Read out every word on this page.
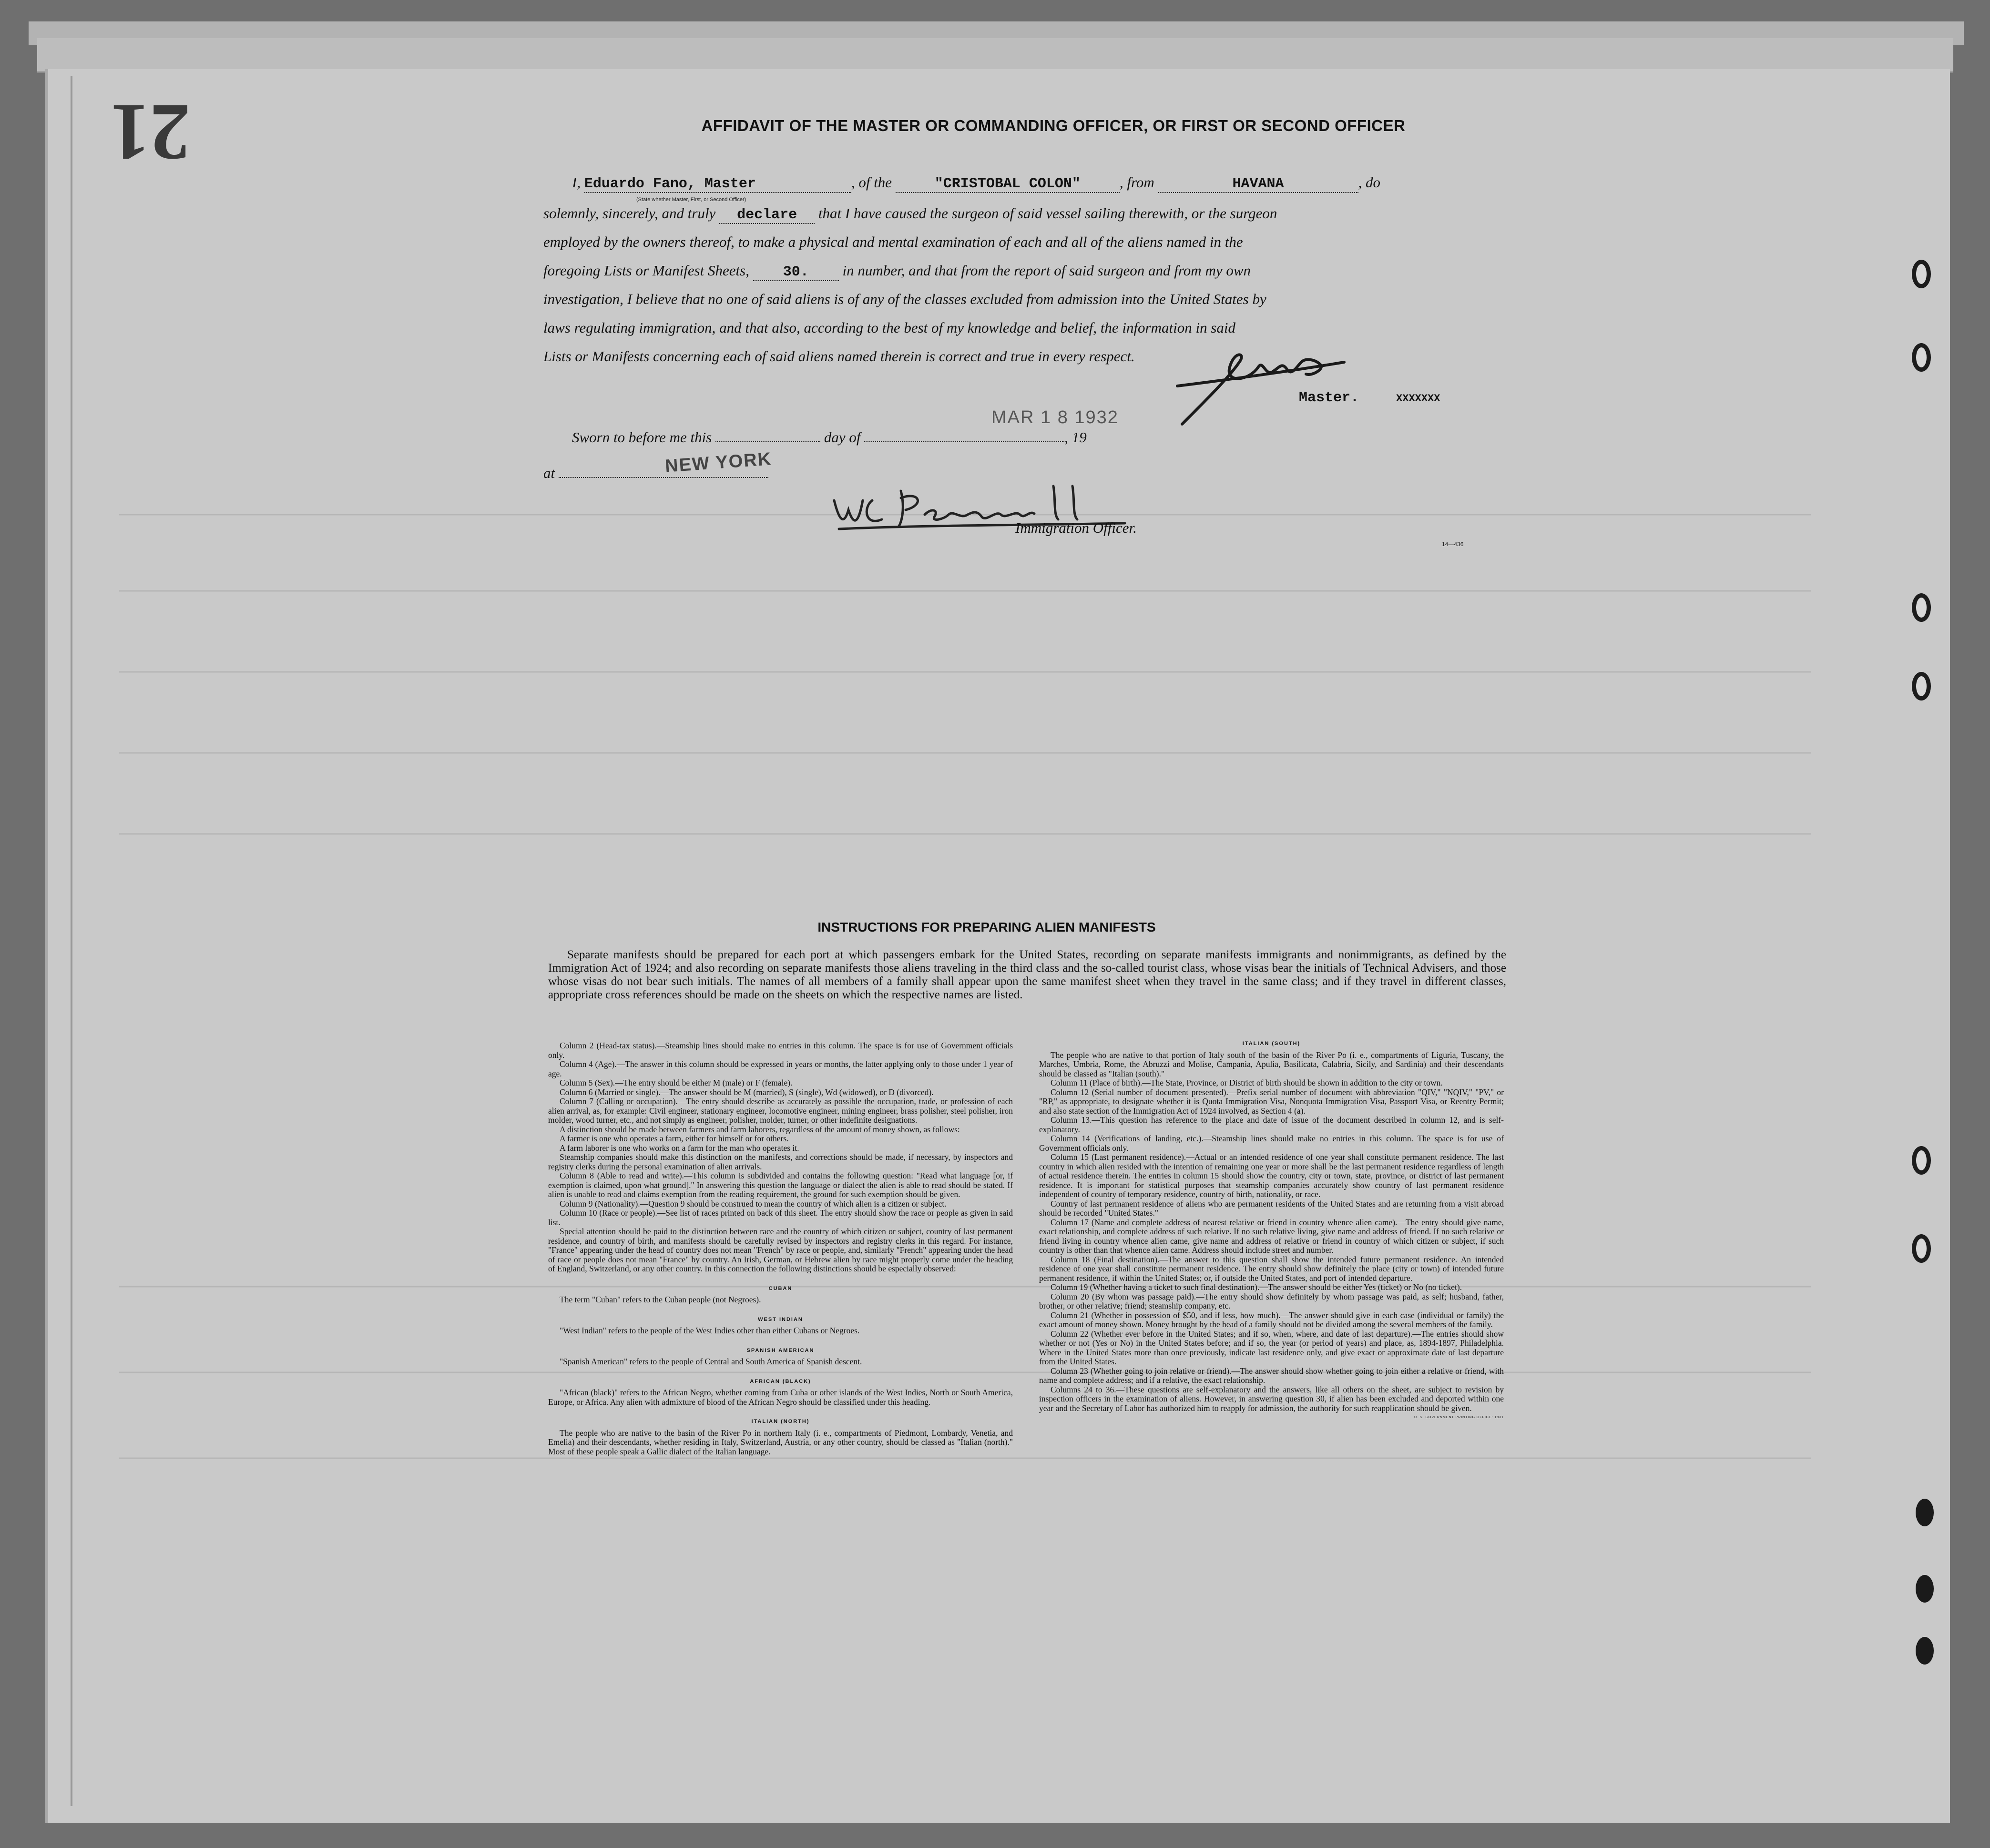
21	AFFIDAVIT OF THE MASTER OR COMMANDING OFFICER, OR FIRST OR SECOND OFFICER
I, Eduardo Fano, Master	, of the	"CRISTOBAL COLON"	, from	HAVANA	, do
(State whether Master, First, or Second Officer)
solemnly, sincerely, and truly declare that I have caused the surgeon of said vessel sailing therewith, or the surgeon
employed by the owners thereof, to make a physical and mental examination of each and all of the aliens named in the
foregoing Lists or Manifest Sheets, 30. in number, and that from the report of said surgeon and from my own
investigation, I believe that no one of said aliens is of any of the classes excluded from admission into the United States by
laws regulating immigration, and that also, according to the best of my knowledge and belief, the information in said
Lists or Manifests concerning each of said aliens named therein is correct and true in every respect.
Master.	XXXXXXX
MAR 1 8 1932
Sworn to before me this	day of	, 19
at	NEW YORK
Immigration Officer.
14—436
INSTRUCTIONS FOR PREPARING ALIEN MANIFESTS
Separate manifests should be prepared for each port at which passengers embark for the United States, recording on separate manifests immigrants and nonimmigrants, as defined by the Immigration Act of 1924; and also recording on separate manifests those aliens traveling in the third class and the so-called tourist class, whose visas bear the initials of Technical Advisers, and those whose visas do not bear such initials. The names of all members of a family shall appear upon the same manifest sheet when they travel in the same class; and if they travel in different classes, appropriate cross references should be made on the sheets on which the respective names are listed.

Column 2 (Head-tax status).—Steamship lines should make no entries in this column. The space is for use of Government officials only.

Column 4 (Age).—The answer in this column should be expressed in years or months, the latter applying only to those under 1 year of age.

Column 5 (Sex).—The entry should be either M (male) or F (female).

Column 6 (Married or single).—The answer should be M (married), S (single), Wd (widowed), or D (divorced).

Column 7 (Calling or occupation).—The entry should describe as accurately as possible the occupation, trade, or profession of each alien arrival, as, for example: Civil engineer, stationary engineer, locomotive engineer, mining engineer, brass polisher, steel polisher, iron molder, wood turner, etc., and not simply as engineer, polisher, molder, turner, or other indefinite designations.

A distinction should be made between farmers and farm laborers, regardless of the amount of money shown, as follows:

A farmer is one who operates a farm, either for himself or for others.

A farm laborer is one who works on a farm for the man who operates it.

Steamship companies should make this distinction on the manifests, and corrections should be made, if necessary, by inspectors and registry clerks during the personal examination of alien arrivals.

Column 8 (Able to read and write).—This column is subdivided and contains the following question: "Read what language [or, if exemption is claimed, upon what ground]." In answering this question the language or dialect the alien is able to read should be stated. If alien is unable to read and claims exemption from the reading requirement, the ground for such exemption should be given.

Column 9 (Nationality).—Question 9 should be construed to mean the country of which alien is a citizen or subject.

Column 10 (Race or people).—See list of races printed on back of this sheet. The entry should show the race or people as given in said list.

Special attention should be paid to the distinction between race and the country of which citizen or subject, country of last permanent residence, and country of birth, and manifests should be carefully revised by inspectors and registry clerks in this regard. For instance, "France" appearing under the head of country does not mean "French" by race or people, and, similarly "French" appearing under the head of race or people does not mean "France" by country. An Irish, German, or Hebrew alien by race might properly come under the heading of England, Switzerland, or any other country. In this connection the following distinctions should be especially observed:

CUBAN

The term "Cuban" refers to the Cuban people (not Negroes).

WEST INDIAN

"West Indian" refers to the people of the West Indies other than either Cubans or Negroes.

SPANISH AMERICAN

"Spanish American" refers to the people of Central and South America of Spanish descent.

AFRICAN (BLACK)

"African (black)" refers to the African Negro, whether coming from Cuba or other islands of the West Indies, North or South America, Europe, or Africa. Any alien with admixture of blood of the African Negro should be classified under this heading.

ITALIAN (NORTH)

The people who are native to the basin of the River Po in northern Italy (i. e., compartments of Piedmont, Lombardy, Venetia, and Emelia) and their descendants, whether residing in Italy, Switzerland, Austria, or any other country, should be classed as "Italian (north)." Most of these people speak a Gallic dialect of the Italian language.

ITALIAN (SOUTH)

The people who are native to that portion of Italy south of the basin of the River Po (i. e., compartments of Liguria, Tuscany, the Marches, Umbria, Rome, the Abruzzi and Molise, Campania, Apulia, Basilicata, Calabria, Sicily, and Sardinia) and their descendants should be classed as "Italian (south)."

Column 11 (Place of birth).—The State, Province, or District of birth should be shown in addition to the city or town.

Column 12 (Serial number of document presented).—Prefix serial number of document with abbreviation "QIV," "NQIV," "PV," or "RP," as appropriate, to designate whether it is Quota Immigration Visa, Nonquota Immigration Visa, Passport Visa, or Reentry Permit; and also state section of the Immigration Act of 1924 involved, as Section 4 (a).

Column 13.—This question has reference to the place and date of issue of the document described in column 12, and is self-explanatory.

Column 14 (Verifications of landing, etc.).—Steamship lines should make no entries in this column. The space is for use of Government officials only.

Column 15 (Last permanent residence).—Actual or an intended residence of one year shall constitute permanent residence. The last country in which alien resided with the intention of remaining one year or more shall be the last permanent residence regardless of length of actual residence therein. The entries in column 15 should show the country, city or town, state, province, or district of last permanent residence. It is important for statistical purposes that steamship companies accurately show country of last permanent residence independent of country of temporary residence, country of birth, nationality, or race.

Country of last permanent residence of aliens who are permanent residents of the United States and are returning from a visit abroad should be recorded "United States."

Column 17 (Name and complete address of nearest relative or friend in country whence alien came).—The entry should give name, exact relationship, and complete address of such relative. If no such relative living, give name and address of friend. If no such relative or friend living in country whence alien came, give name and address of relative or friend in country of which citizen or subject, if such country is other than that whence alien came. Address should include street and number.

Column 18 (Final destination).—The answer to this question shall show the intended future permanent residence. An intended residence of one year shall constitute permanent residence. The entry should show definitely the place (city or town) of intended future permanent residence, if within the United States; or, if outside the United States, and port of intended departure.

Column 19 (Whether having a ticket to such final destination).—The answer should be either Yes (ticket) or No (no ticket).

Column 20 (By whom was passage paid).—The entry should show definitely by whom passage was paid, as self; husband, father, brother, or other relative; friend; steamship company, etc.

Column 21 (Whether in possession of $50, and if less, how much).—The answer should give in each case (individual or family) the exact amount of money shown. Money brought by the head of a family should not be divided among the several members of the family.

Column 22 (Whether ever before in the United States; and if so, when, where, and date of last departure).—The entries should show whether or not (Yes or No) in the United States before; and if so, the year (or period of years) and place, as, 1894-1897, Philadelphia. Where in the United States more than once previously, indicate last residence only, and give exact or approximate date of last departure from the United States.

Column 23 (Whether going to join relative or friend).—The answer should show whether going to join either a relative or friend, with name and complete address; and if a relative, the exact relationship.

Columns 24 to 36.—These questions are self-explanatory and the answers, like all others on the sheet, are subject to revision by inspection officers in the examination of aliens. However, in answering question 30, if alien has been excluded and deported within one year and the Secretary of Labor has authorized him to reapply for admission, the authority for such reapplication should be given.

U. S. GOVERNMENT PRINTING OFFICE: 1931
